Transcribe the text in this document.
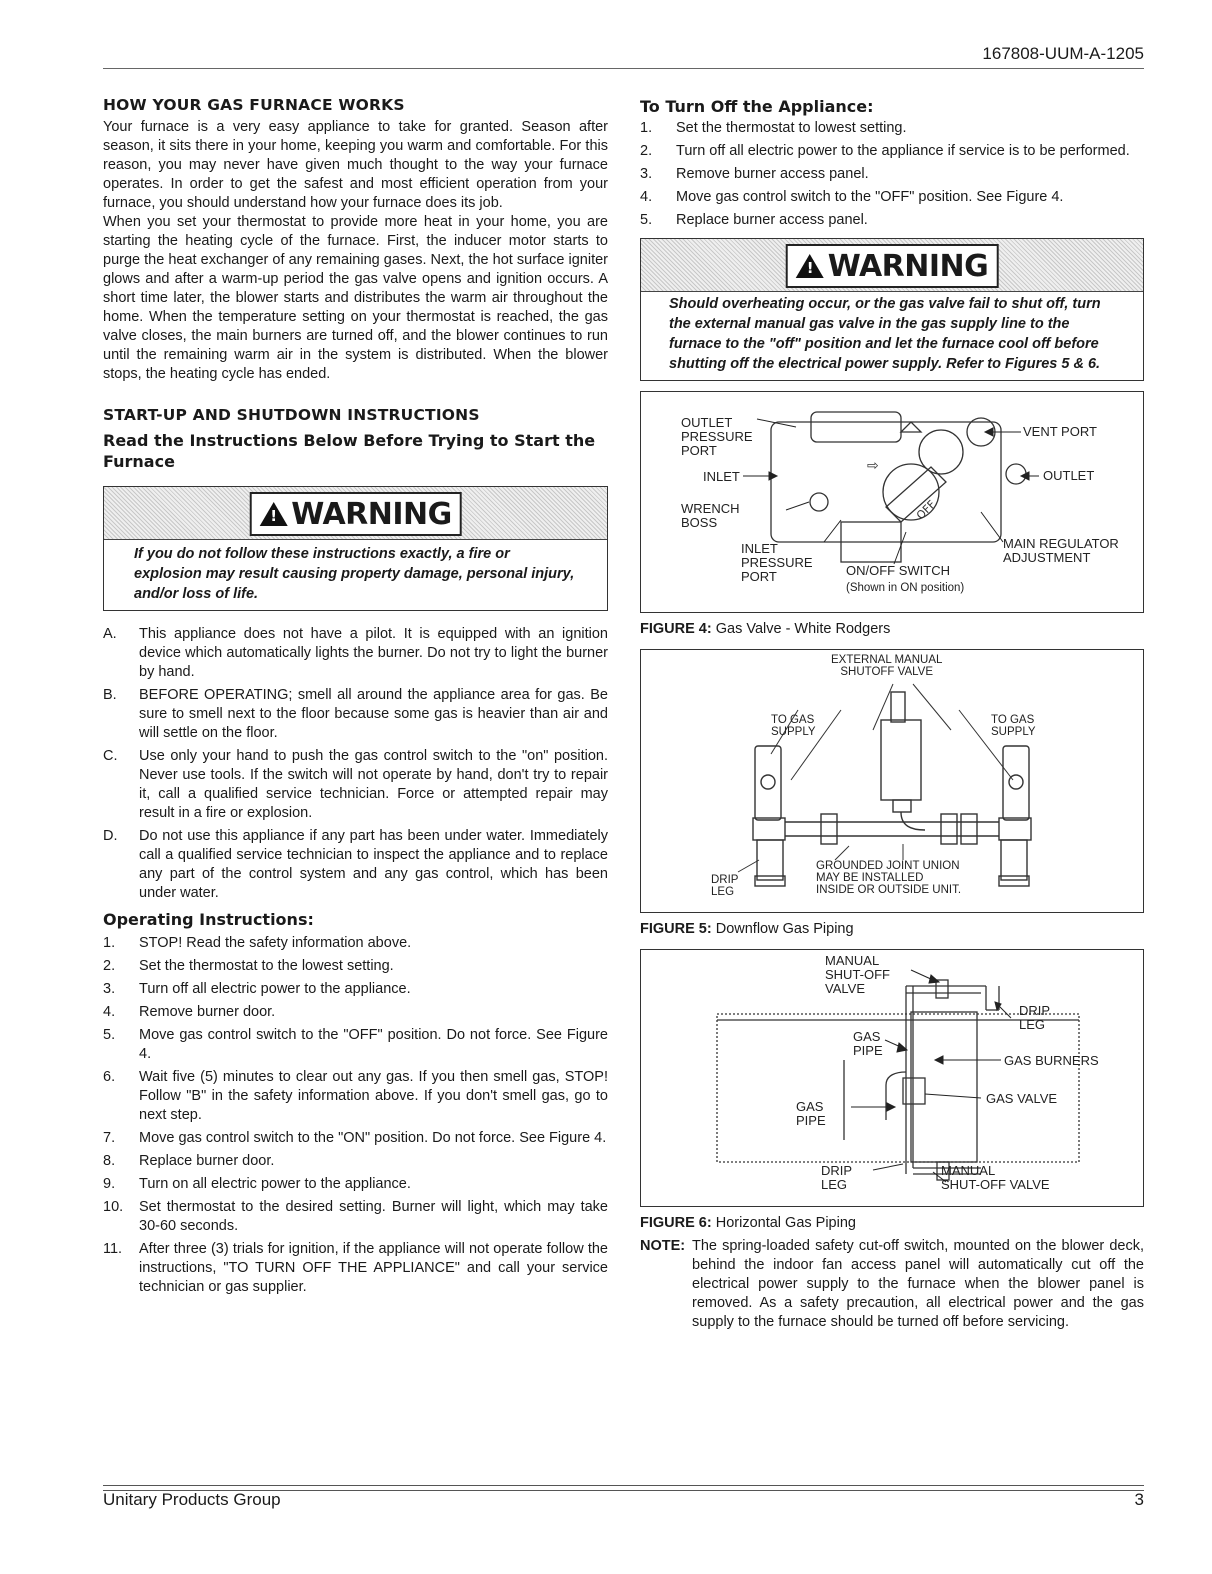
167808-UUM-A-1205
HOW YOUR GAS FURNACE WORKS

Your furnace is a very easy appliance to take for granted. Season after season, it sits there in your home, keeping you warm and comfortable. For this reason, you may never have given much thought to the way your furnace operates. In order to get the safest and most efficient operation from your furnace, you should understand how your furnace does its job.

When you set your thermostat to provide more heat in your home, you are starting the heating cycle of the furnace. First, the inducer motor starts to purge the heat exchanger of any remaining gases. Next, the hot surface igniter glows and after a warm-up period the gas valve opens and ignition occurs. A short time later, the blower starts and distributes the warm air throughout the home. When the temperature setting on your thermostat is reached, the gas valve closes, the main burners are turned off, and the blower continues to run until the remaining warm air in the system is distributed. When the blower stops, the heating cycle has ended.

START-UP AND SHUTDOWN INSTRUCTIONS
Read the Instructions Below Before Trying to Start the Furnace
! WARNING
If you do not follow these instructions exactly, a fire or explosion may result causing property damage, personal injury, and/or loss of life.
A. This appliance does not have a pilot. It is equipped with an ignition device which automatically lights the burner. Do not try to light the burner by hand.
B. BEFORE OPERATING; smell all around the appliance area for gas. Be sure to smell next to the floor because some gas is heavier than air and will settle on the floor.
C. Use only your hand to push the gas control switch to the "on" position. Never use tools. If the switch will not operate by hand, don't try to repair it, call a qualified service technician. Force or attempted repair may result in a fire or explosion.
D. Do not use this appliance if any part has been under water. Immediately call a qualified service technician to inspect the appliance and to replace any part of the control system and any gas control, which has been under water.
Operating Instructions:
1. STOP! Read the safety information above.
2. Set the thermostat to the lowest setting.
3. Turn off all electric power to the appliance.
4. Remove burner door.
5. Move gas control switch to the "OFF" position. Do not force. See Figure 4.
6. Wait five (5) minutes to clear out any gas. If you then smell gas, STOP! Follow "B" in the safety information above. If you don't smell gas, go to next step.
7. Move gas control switch to the "ON" position. Do not force. See Figure 4.
8. Replace burner door.
9. Turn on all electric power to the appliance.
10. Set thermostat to the desired setting. Burner will light, which may take 30-60 seconds.
11. After three (3) trials for ignition, if the appliance will not operate follow the instructions, "TO TURN OFF THE APPLIANCE" and call your service technician or gas supplier.
To Turn Off the Appliance:
1. Set the thermostat to lowest setting.
2. Turn off all electric power to the appliance if service is to be performed.
3. Remove burner access panel.
4. Move gas control switch to the "OFF" position. See Figure 4.
5. Replace burner access panel.
! WARNING
Should overheating occur, or the gas valve fail to shut off, turn the external manual gas valve in the gas supply line to the furnace to the "off" position and let the furnace cool off before shutting off the electrical power supply. Refer to Figures 5 & 6.
⇨
OFF
OUTLET
PRESSURE
PORT
INLET
WRENCH
BOSS
INLET
PRESSURE
PORT	ON/OFF SWITCH
(Shown in ON position)
VENT PORT
OUTLET
MAIN REGULATOR
ADJUSTMENT
FIGURE 4: Gas Valve - White Rodgers
EXTERNAL MANUAL
SHUTOFF VALVE
TO GAS
SUPPLY
TO GAS
SUPPLY
DRIP
LEG
GROUNDED JOINT UNION
MAY BE INSTALLED
INSIDE OR OUTSIDE UNIT.
FIGURE 5: Downflow Gas Piping
MANUAL
SHUT-OFF
VALVE
DRIP
LEG
GAS
PIPE
GAS BURNERS
GAS
PIPE
GAS VALVE
DRIP
LEG
MANUAL
SHUT-OFF VALVE
FIGURE 6: Horizontal Gas Piping
NOTE: The spring-loaded safety cut-off switch, mounted on the blower deck, behind the indoor fan access panel will automatically cut off the electrical power supply to the furnace when the blower panel is removed. As a safety precaution, all electrical power and the gas supply to the furnace should be turned off before servicing.
Unitary Products Group	3
